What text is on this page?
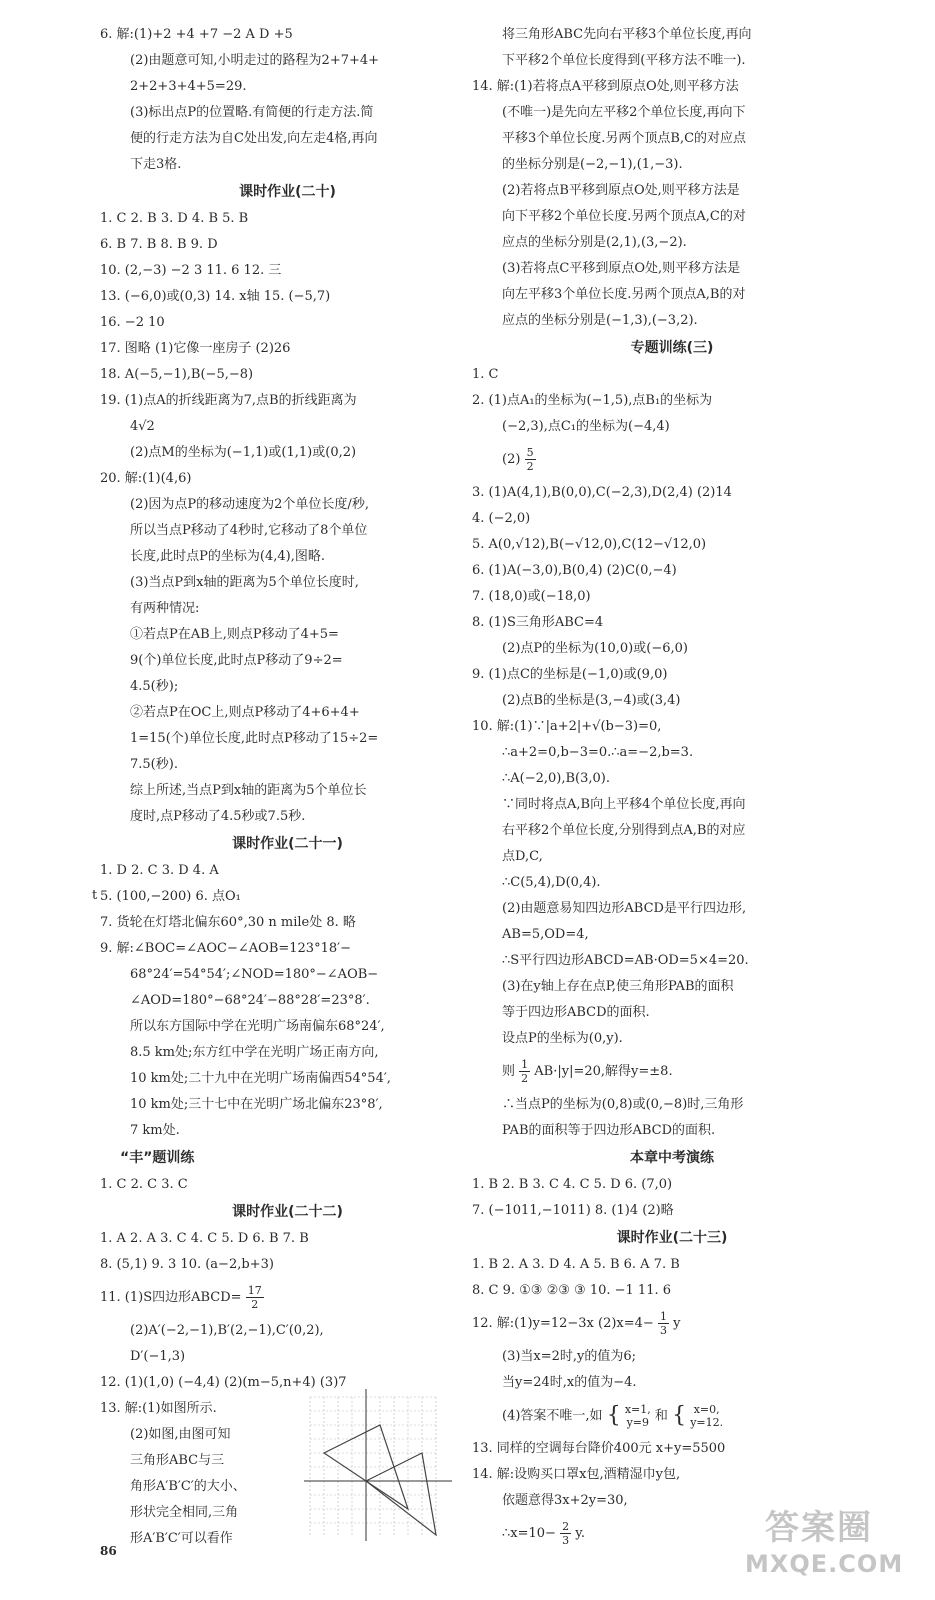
6. 解:(1)+2 +4 +7 −2 A D +5
(2)由题意可知,小明走过的路程为2+7+4+
2+2+3+4+5=29.
(3)标出点P的位置略.有简便的行走方法.简
便的行走方法为自C处出发,向左走4格,再向
下走3格.
课时作业(二十)
1. C 2. B 3. D 4. B 5. B
6. B 7. B 8. B 9. D
10. (2,−3) −2 3 11. 6 12. 三
13. (−6,0)或(0,3) 14. x轴 15. (−5,7)
16. −2 10
17. 图略 (1)它像一座房子 (2)26
18. A(−5,−1),B(−5,−8)
19. (1)点A的折线距离为7,点B的折线距离为
4√2
(2)点M的坐标为(−1,1)或(1,1)或(0,2)
20. 解:(1)(4,6)
(2)因为点P的移动速度为2个单位长度/秒,
所以当点P移动了4秒时,它移动了8个单位
长度,此时点P的坐标为(4,4),图略.
(3)当点P到x轴的距离为5个单位长度时,
有两种情况:
①若点P在AB上,则点P移动了4+5=
9(个)单位长度,此时点P移动了9÷2=
4.5(秒);
②若点P在OC上,则点P移动了4+6+4+
1=15(个)单位长度,此时点P移动了15÷2=
7.5(秒).
综上所述,当点P到x轴的距离为5个单位长
度时,点P移动了4.5秒或7.5秒.
课时作业(二十一)
1. D 2. C 3. D 4. A
5. (100,−200) 6. 点O₁
7. 货轮在灯塔北偏东60°,30 n mile处 8. 略
9. 解:∠BOC=∠AOC−∠AOB=123°18′−
68°24′=54°54′;∠NOD=180°−∠AOB−
∠AOD=180°−68°24′−88°28′=23°8′.
所以东方国际中学在光明广场南偏东68°24′,
8.5 km处;东方红中学在光明广场正南方向,
10 km处;二十九中在光明广场南偏西54°54′,
10 km处;三十七中在光明广场北偏东23°8′,
7 km处.
“丰”题训练
1. C 2. C 3. C
课时作业(二十二)
1. A 2. A 3. C 4. C 5. D 6. B 7. B
8. (5,1) 9. 3 10. (a−2,b+3)
11. (1)S四边形ABCD= $\frac{17}{2}$
(2)A′(−2,−1),B′(2,−1),C′(0,2),
D′(−1,3)
12. (1)(1,0) (−4,4) (2)(m−5,n+4) (3)7
13. 解:(1)如图所示.
(2)如图,由图可知
三角形ABC与三
角形A′B′C′的大小、
形状完全相同,三角
形A′B′C′可以看作
将三角形ABC先向右平移3个单位长度,再向
下平移2个单位长度得到(平移方法不唯一).
14. 解:(1)若将点A平移到原点O处,则平移方法
(不唯一)是先向左平移2个单位长度,再向下
平移3个单位长度.另两个顶点B,C的对应点
的坐标分别是(−2,−1),(1,−3).
(2)若将点B平移到原点O处,则平移方法是
向下平移2个单位长度.另两个顶点A,C的对
应点的坐标分别是(2,1),(3,−2).
(3)若将点C平移到原点O处,则平移方法是
向左平移3个单位长度.另两个顶点A,B的对
应点的坐标分别是(−1,3),(−3,2).
专题训练(三)
1. C
2. (1)点A₁的坐标为(−1,5),点B₁的坐标为
(−2,3),点C₁的坐标为(−4,4)
$(2) \frac{5}{2}$
3. (1)A(4,1),B(0,0),C(−2,3),D(2,4) (2)14
4. (−2,0)
5. A(0,√12),B(−√12,0),C(12−√12,0)
6. (1)A(−3,0),B(0,4) (2)C(0,−4)
7. (18,0)或(−18,0)
8. (1)S三角形ABC=4
(2)点P的坐标为(10,0)或(−6,0)
9. (1)点C的坐标是(−1,0)或(9,0)
(2)点B的坐标是(3,−4)或(3,4)
10. 解:(1)∵|a+2|+√(b−3)=0,
∴a+2=0,b−3=0.∴a=−2,b=3.
∴A(−2,0),B(3,0).
∵同时将点A,B向上平移4个单位长度,再向
右平移2个单位长度,分别得到点A,B的对应
点D,C,
∴C(5,4),D(0,4).
(2)由题意易知四边形ABCD是平行四边形,
AB=5,OD=4,
∴S平行四边形ABCD=AB·OD=5×4=20.
(3)在y轴上存在点P,使三角形PAB的面积
等于四边形ABCD的面积.
设点P的坐标为(0,y).
则 $\frac{1}{2} AB\cdot|y|=20$,解得y=±8.
∴当点P的坐标为(0,8)或(0,−8)时,三角形
PAB的面积等于四边形ABCD的面积.
本章中考演练
1. B 2. B 3. C 4. C 5. D 6. (7,0)
7. (−1011,−1011) 8. (1)4 (2)略
课时作业(二十三)
1. B 2. A 3. D 4. A 5. B 6. A 7. B
8. C 9. ①③ ②③ ③ 10. −1 11. 6
12. 解:(1)y=12−3x $(2)x=4- \frac{1}{3}$ y
(3)当x=2时,y的值为6;
当y=24时,x的值为−4.
(4)答案不唯一,如 { x=1,
y=9 和 { x=0,
y=12.
13. 同样的空调每台降价400元 x+y=5500
14. 解:设购买口罩x包,酒精湿巾y包,
依题意得3x+2y=30,
∴x=10− $\frac{2}{3} y$.
t
86
答案圈
MXQE.COM
